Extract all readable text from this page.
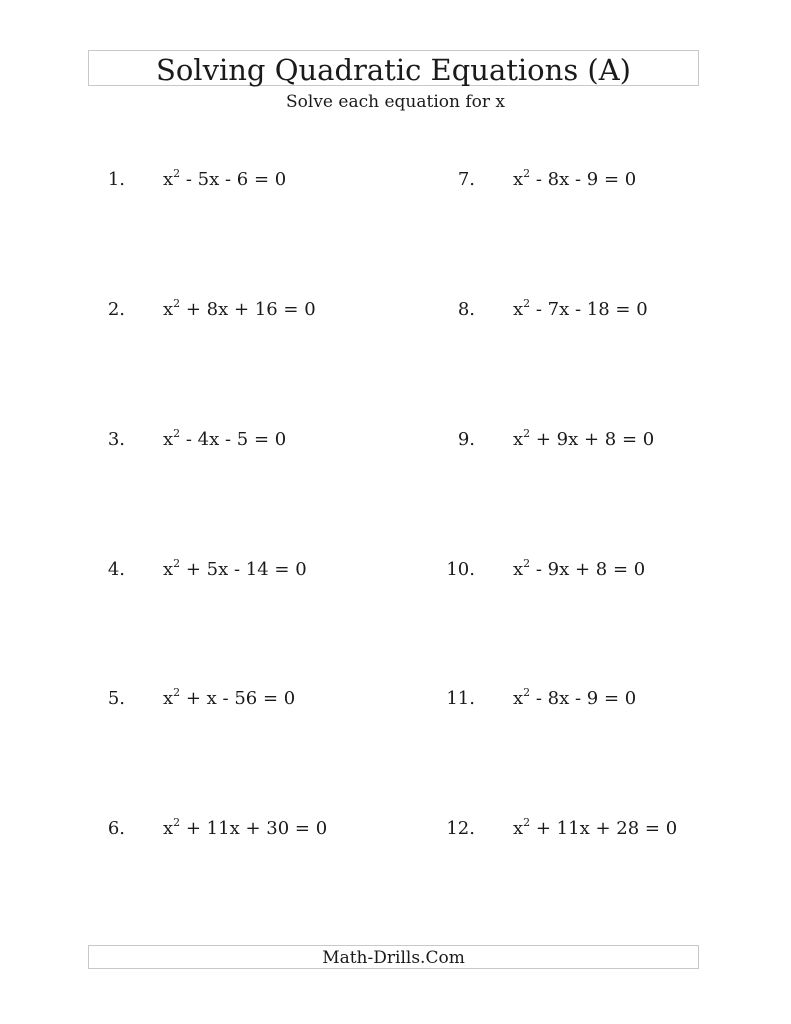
Solving Quadratic Equations (A)
Solve each equation for x
1. $x^2 - 5x - 6 = 0$
2. $x^2 + 8x + 16 = 0$
3. $x^2 - 4x - 5 = 0$
4. $x^2 + 5x - 14 = 0$
5. $x^2 + x - 56 = 0$
6. $x^2 + 11x + 30 = 0$
7. $x^2 - 8x - 9 = 0$
8. $x^2 - 7x - 18 = 0$
9. $x^2 + 9x + 8 = 0$
10. $x^2 - 9x + 8 = 0$
11. $x^2 - 8x - 9 = 0$
12. $x^2 + 11x + 28 = 0$
Math-Drills.Com
